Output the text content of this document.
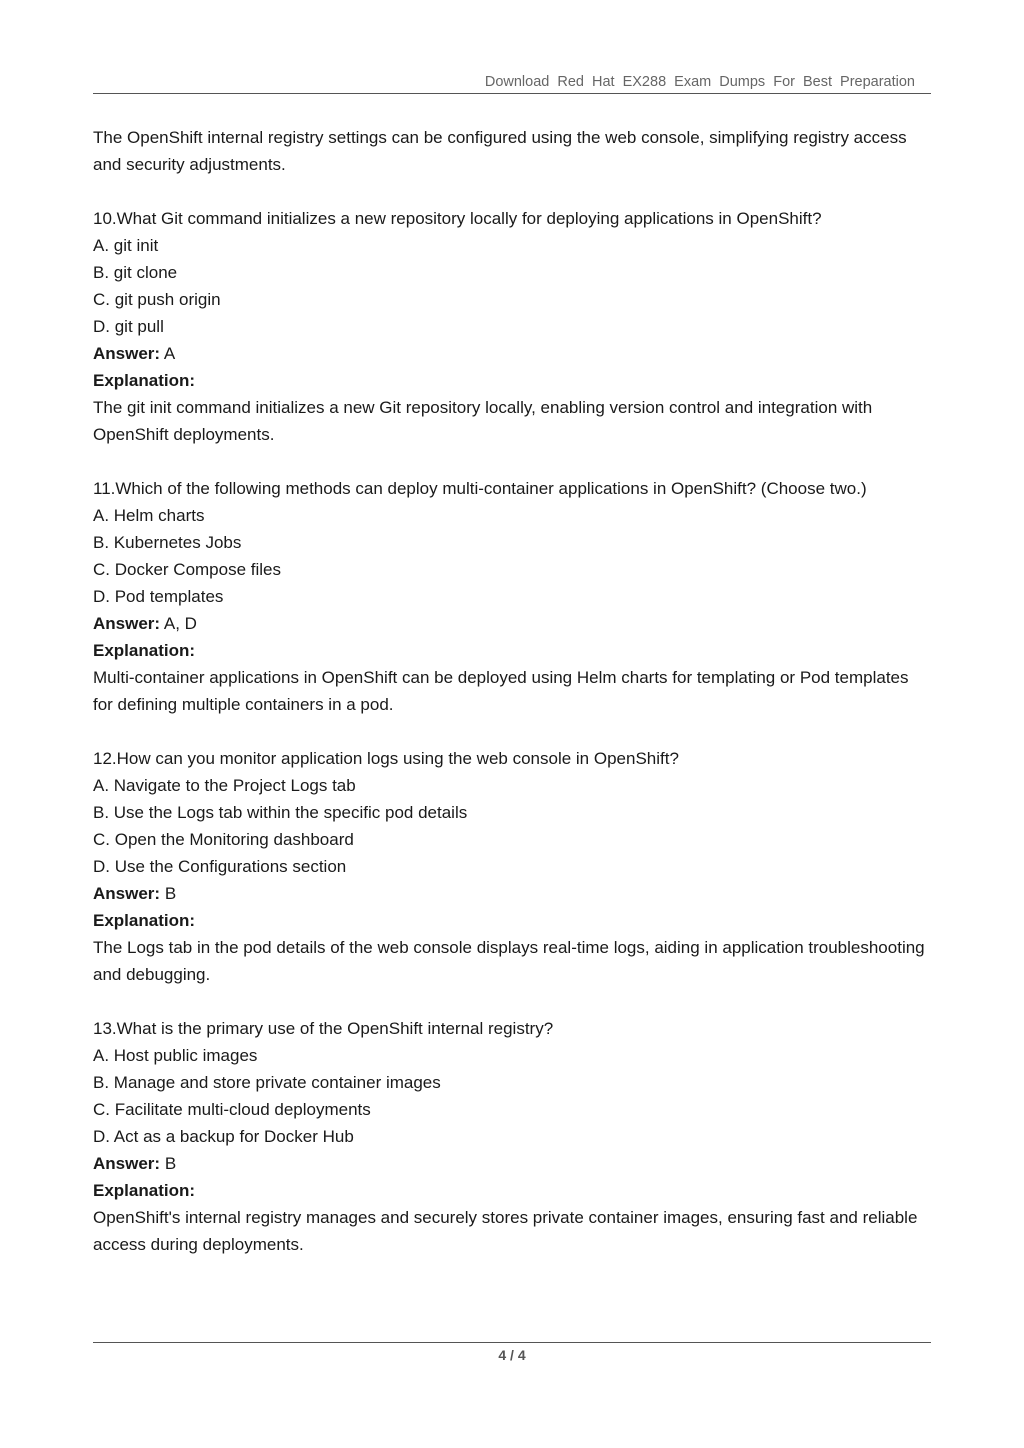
Download Red Hat EX288 Exam Dumps For Best Preparation

The OpenShift internal registry settings can be configured using the web console, simplifying registry access and security adjustments.

10.What Git command initializes a new repository locally for deploying applications in OpenShift?

A. git init

B. git clone

C. git push origin

D. git pull

Answer: A

Explanation:

The git init command initializes a new Git repository locally, enabling version control and integration with OpenShift deployments.

11.Which of the following methods can deploy multi-container applications in OpenShift? (Choose two.)

A. Helm charts

B. Kubernetes Jobs

C. Docker Compose files

D. Pod templates

Answer: A, D

Explanation:

Multi-container applications in OpenShift can be deployed using Helm charts for templating or Pod templates for defining multiple containers in a pod.

12.How can you monitor application logs using the web console in OpenShift?

A. Navigate to the Project Logs tab

B. Use the Logs tab within the specific pod details

C. Open the Monitoring dashboard

D. Use the Configurations section

Answer: B

Explanation:

The Logs tab in the pod details of the web console displays real-time logs, aiding in application troubleshooting and debugging.

13.What is the primary use of the OpenShift internal registry?

A. Host public images

B. Manage and store private container images

C. Facilitate multi-cloud deployments

D. Act as a backup for Docker Hub

Answer: B

Explanation:

OpenShift's internal registry manages and securely stores private container images, ensuring fast and reliable access during deployments.

4 / 4
